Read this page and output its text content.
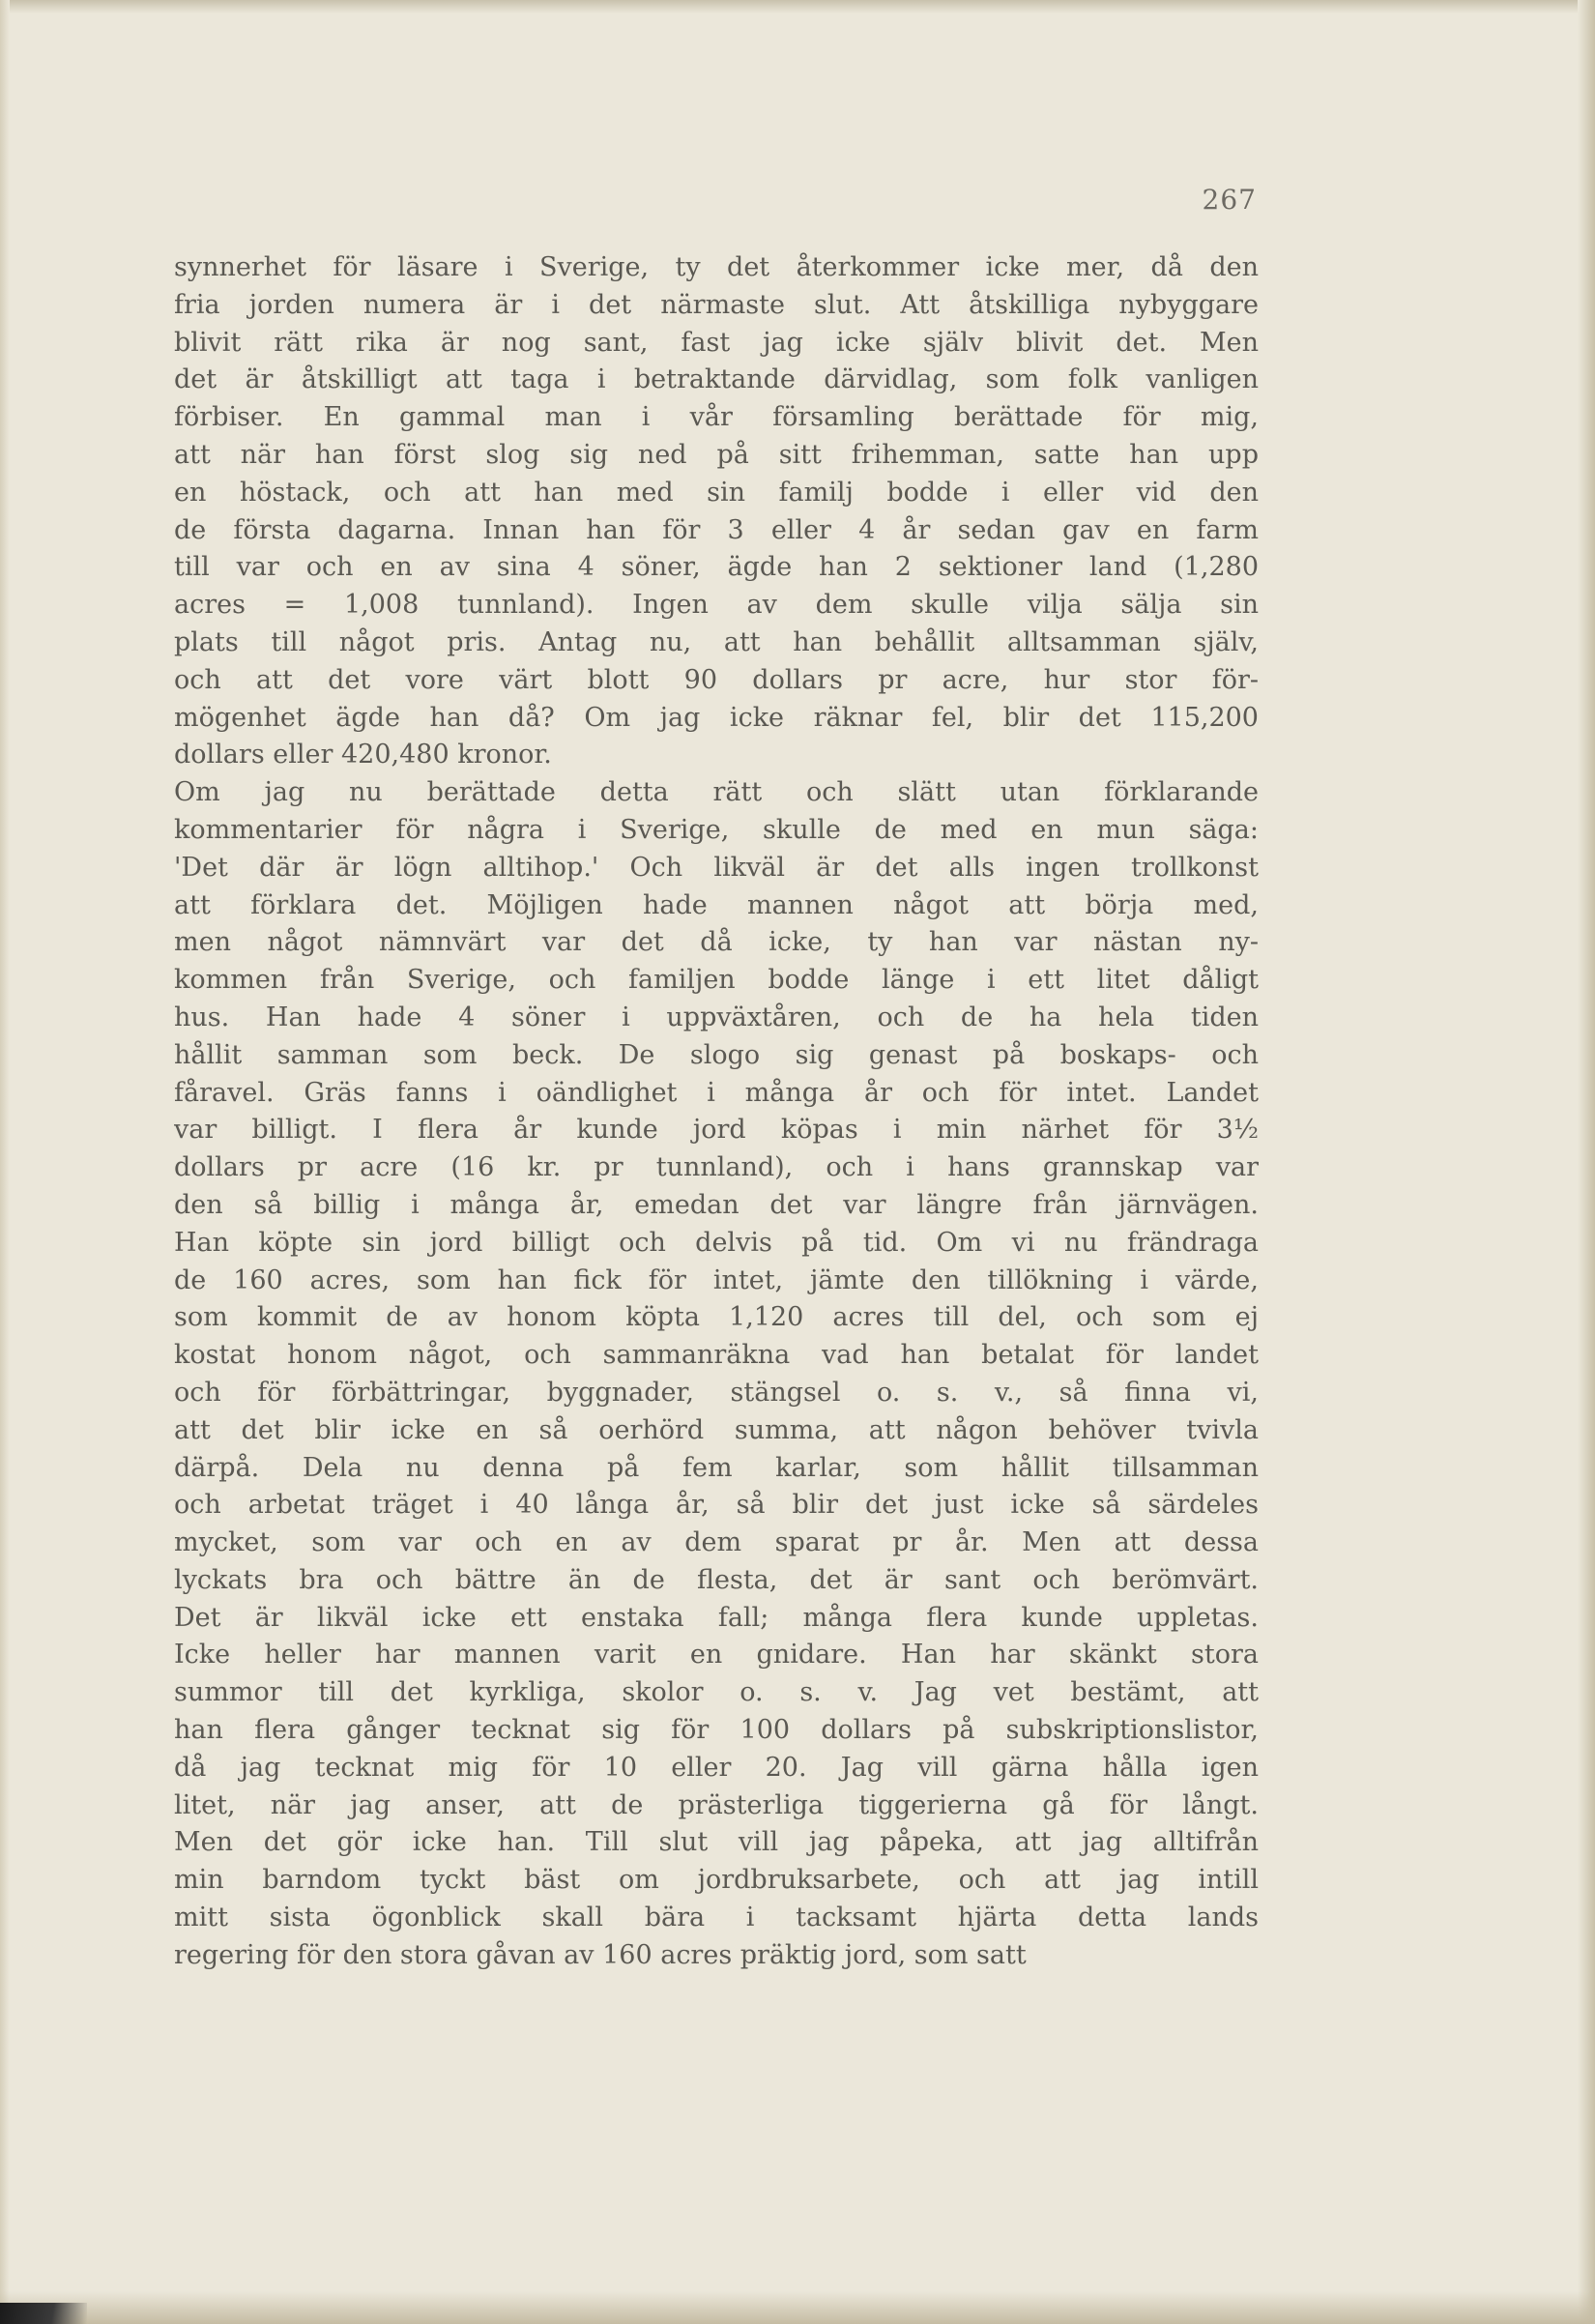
267
synnerhet för läsare i Sverige, ty det återkommer icke mer, då den
fria jorden numera är i det närmaste slut. Att åtskilliga nybyggare
blivit rätt rika är nog sant, fast jag icke själv blivit det. Men
det är åtskilligt att taga i betraktande därvidlag, som folk vanligen
förbiser. En gammal man i vår församling berättade för mig,
att när han först slog sig ned på sitt frihemman, satte han upp
en höstack, och att han med sin familj bodde i eller vid den
de första dagarna. Innan han för 3 eller 4 år sedan gav en farm
till var och en av sina 4 söner, ägde han 2 sektioner land (1,280
acres = 1,008 tunnland). Ingen av dem skulle vilja sälja sin
plats till något pris. Antag nu, att han behållit alltsamman själv,
och att det vore värt blott 90 dollars pr acre, hur stor för-
mögenhet ägde han då? Om jag icke räknar fel, blir det 115,200
dollars eller 420,480 kronor.
Om jag nu berättade detta rätt och slätt utan förklarande
kommentarier för några i Sverige, skulle de med en mun säga:
'Det där är lögn alltihop.' Och likväl är det alls ingen trollkonst
att förklara det. Möjligen hade mannen något att börja med,
men något nämnvärt var det då icke, ty han var nästan ny-
kommen från Sverige, och familjen bodde länge i ett litet dåligt
hus. Han hade 4 söner i uppväxtåren, och de ha hela tiden
hållit samman som beck. De slogo sig genast på boskaps- och
fåravel. Gräs fanns i oändlighet i många år och för intet. Landet
var billigt. I flera år kunde jord köpas i min närhet för 3½
dollars pr acre (16 kr. pr tunnland), och i hans grannskap var
den så billig i många år, emedan det var längre från järnvägen.
Han köpte sin jord billigt och delvis på tid. Om vi nu frändraga
de 160 acres, som han fick för intet, jämte den tillökning i värde,
som kommit de av honom köpta 1,120 acres till del, och som ej
kostat honom något, och sammanräkna vad han betalat för landet
och för förbättringar, byggnader, stängsel o. s. v., så finna vi,
att det blir icke en så oerhörd summa, att någon behöver tvivla
därpå. Dela nu denna på fem karlar, som hållit tillsamman
och arbetat träget i 40 långa år, så blir det just icke så särdeles
mycket, som var och en av dem sparat pr år. Men att dessa
lyckats bra och bättre än de flesta, det är sant och berömvärt.
Det är likväl icke ett enstaka fall; många flera kunde uppletas.
Icke heller har mannen varit en gnidare. Han har skänkt stora
summor till det kyrkliga, skolor o. s. v. Jag vet bestämt, att
han flera gånger tecknat sig för 100 dollars på subskriptionslistor,
då jag tecknat mig för 10 eller 20. Jag vill gärna hålla igen
litet, när jag anser, att de prästerliga tiggerierna gå för långt.
Men det gör icke han. Till slut vill jag påpeka, att jag alltifrån
min barndom tyckt bäst om jordbruksarbete, och att jag intill
mitt sista ögonblick skall bära i tacksamt hjärta detta lands
regering för den stora gåvan av 160 acres präktig jord, som satt
